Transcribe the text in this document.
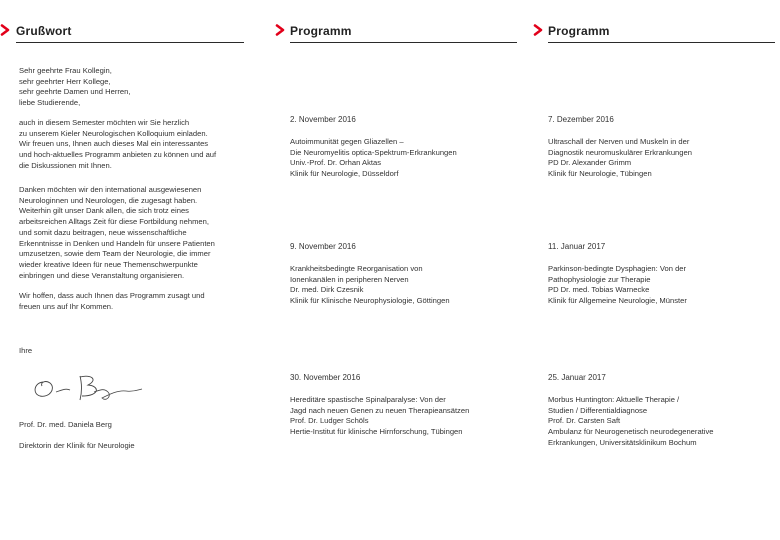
Grußwort
Sehr geehrte Frau Kollegin,
sehr geehrter Herr Kollege,
sehr geehrte Damen und Herren,
liebe Studierende,
auch in diesem Semester möchten wir Sie herzlich
zu unserem Kieler Neurologischen Kolloquium einladen.
Wir freuen uns, Ihnen auch dieses Mal ein interessantes
und hoch-aktuelles Programm anbieten zu können und auf
die Diskussionen mit Ihnen.
Danken möchten wir den international ausgewiesenen
Neurologinnen und Neurologen, die zugesagt haben.
Weiterhin gilt unser Dank allen, die sich trotz eines
arbeitsreichen Alltags Zeit für diese Fortbildung nehmen,
und somit dazu beitragen, neue wissenschaftliche
Erkenntnisse in Denken und Handeln für unsere Patienten
umzusetzen, sowie dem Team der Neurologie, die immer
wieder kreative Ideen für neue Themenschwerpunkte
einbringen und diese Veranstaltung organisieren.
Wir hoffen, dass auch Ihnen das Programm zusagt und
freuen uns auf Ihr Kommen.
Ihre

Prof. Dr. med. Daniela Berg

Direktorin der Klinik für Neurologie

Programm
2. November 2016
Autoimmunität gegen Gliazellen –
Die Neuromyelitis optica-Spektrum-Erkrankungen
Univ.-Prof. Dr. Orhan Aktas
Klinik für Neurologie, Düsseldorf
9. November 2016
Krankheitsbedingte Reorganisation von
Ionenkanälen in peripheren Nerven
Dr. med. Dirk Czesnik
Klinik für Klinische Neurophysiologie, Göttingen
30. November 2016
Hereditäre spastische Spinalparalyse: Von der
Jagd nach neuen Genen zu neuen Therapieansätzen
Prof. Dr. Ludger Schöls
Hertie-Institut für klinische Hirnforschung, Tübingen
Programm
7. Dezember 2016
Ultraschall der Nerven und Muskeln in der
Diagnostik neuromuskulärer Erkrankungen
PD Dr. Alexander Grimm
Klinik für Neurologie, Tübingen
11. Januar 2017
Parkinson-bedingte Dysphagien: Von der
Pathophysiologie zur Therapie
PD Dr. med. Tobias Warnecke
Klinik für Allgemeine Neurologie, Münster
25. Januar 2017
Morbus Huntington: Aktuelle Therapie /
Studien / Differentialdiagnose
Prof. Dr. Carsten Saft
Ambulanz für Neurogenetisch neurodegenerative
Erkrankungen, Universitätsklinikum Bochum
